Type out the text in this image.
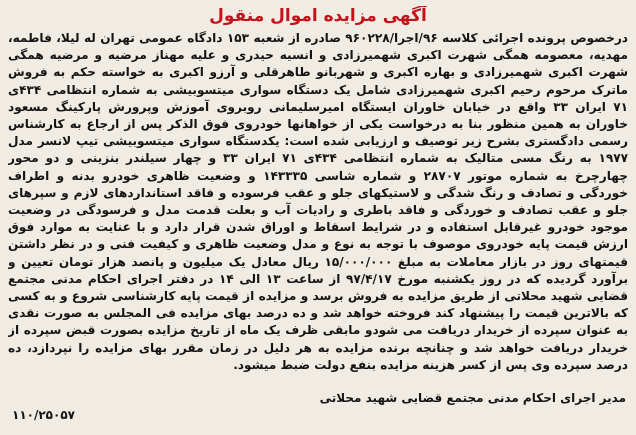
آگهی مزایده اموال منقول
درخصوص پرونده اجرائی کلاسه ۹۶/اجرا/۹۶۰۲۲۸ صادره از شعبه ۱۵۳ دادگاه عمومی تهران له لیلا، فاطمه، مهدیه، معصومه همگی شهرت اکبری شهمیرزادی و انسیه حیدری و علیه مهناز مرضیه و مرضیه همگی شهرت اکبری شهمیرزادی و بهاره اکبری و شهربانو طاهرقلی و آرزو اکبری به خواسته حکم به فروش ماترک مرحوم رحیم اکبری شهمیرزادی شامل یک دستگاه سواری میتسوبیشی به شماره انتظامی ۴۳۴ی ۷۱ ایران ۳۳ واقع در خیابان خاوران ایستگاه امیرسلیمانی روبروی آموزش وپرورش پارکینگ مسعود خاوران به همین منظور بنا به درخواست یکی از خواهانها خودروی فوق الذکر پس از ارجاع به کارشناس رسمی دادگستری بشرح زیر توصیف و ارزیابی شده است: یکدستگاه سواری میتسوبیشی تیپ لانسر مدل ۱۹۷۷ به رنگ مسی متالیک به شماره انتظامی ۴۳۴ی ۷۱ ایران ۳۳ و چهار سیلندر بنزینی و دو محور چهارچرخ به شماره موتور ۲۸۷۰۷ و شماره شاسی ۱۴۳۳۳۵ و وضعیت ظاهری خودرو بدنه و اطراف خوردگی و تصادف و رنگ شدگی و لاستیکهای جلو و عقب فرسوده و فاقد استانداردهای لازم و سپرهای جلو و عقب تصادف و خوردگی و فاقد باطری و رادیات آب و بعلت قدمت مدل و فرسودگی در وضعیت موجود خودرو غیرقابل استفاده و در شرایط اسقاط و اوراق شدن قرار دارد و با عنایت به موارد فوق ارزش قیمت پایه خودروی موصوف با توجه به نوع و مدل وضعیت ظاهری و کیفیت فنی و در نظر داشتن قیمتهای روز در بازار معاملات به مبلغ ۱۵/۰۰۰/۰۰۰ ریال معادل یک میلیون و پانصد هزار تومان تعیین و برآورد گردیده که در روز یکشنبه مورخ ۹۷/۴/۱۷ از ساعت ۱۳ الی ۱۴ در دفتر اجرای احکام مدنی مجتمع قضایی شهید محلاتی از طریق مزایده به فروش برسد و مزایده از قیمت پایه کارشناسی شروع و به کسی که بالاترین قیمت را پیشنهاد کند فروخته خواهد شد و ده درصد بهای مزایده فی المجلس به صورت نقدی به عنوان سپرده از خریدار دریافت می شودو مابقی ظرف یک ماه از تاریخ مزایده بصورت قبض سپرده از خریدار دریافت خواهد شد و چنانچه برنده مزایده به هر دلیل در زمان مقرر بهای مزایده را نپردازد، ده درصد سپرده وی پس از کسر هزینه مزایده بنفع دولت ضبط میشود.
مدیر اجرای احکام مدنی مجتمع قضایی شهید محلاتی
۱۱۰/۲۵۰۵۷
